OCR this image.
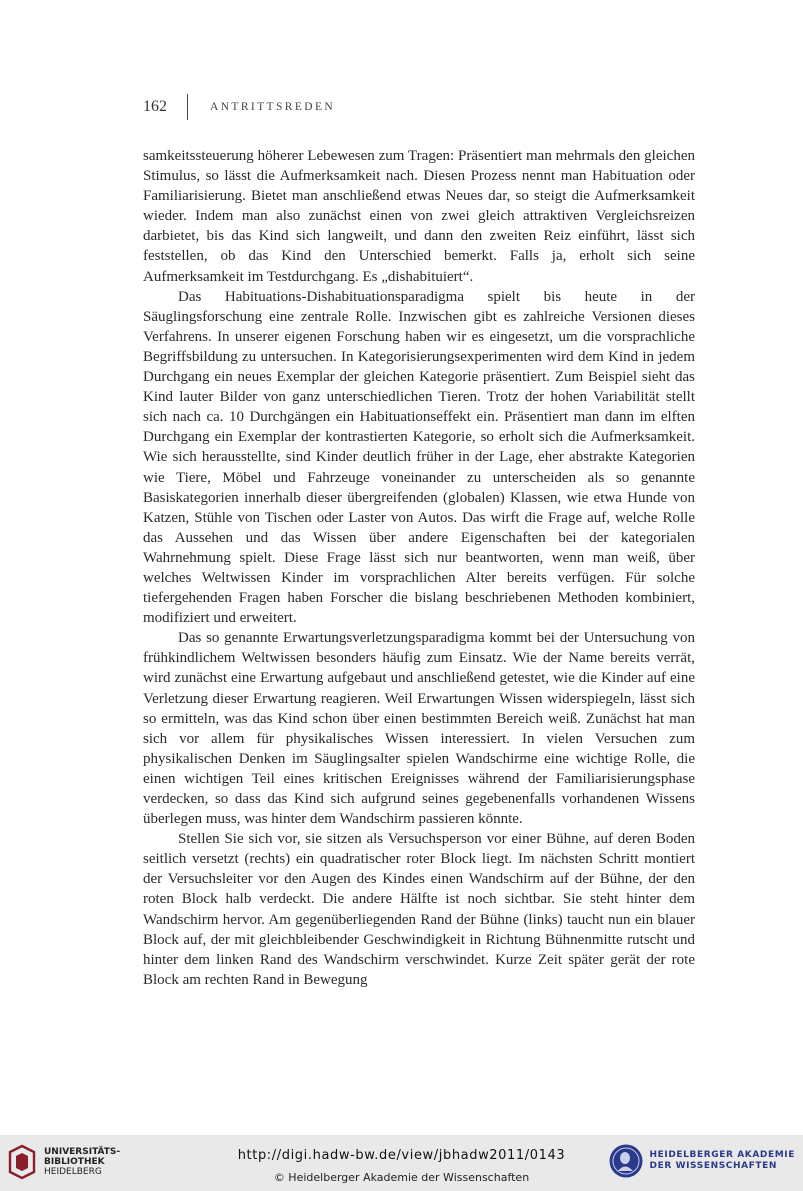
162	ANTRITTSREDEN

samkeitssteuerung höherer Lebewesen zum Tragen: Präsentiert man mehrmals den gleichen Stimulus, so lässt die Aufmerksamkeit nach. Diesen Prozess nennt man Habituation oder Familiarisierung. Bietet man anschließend etwas Neues dar, so steigt die Aufmerksamkeit wieder. Indem man also zunächst einen von zwei gleich attraktiven Vergleichsreizen darbietet, bis das Kind sich langweilt, und dann den zweiten Reiz einführt, lässt sich feststellen, ob das Kind den Unterschied bemerkt. Falls ja, erholt sich seine Aufmerksamkeit im Testdurchgang. Es „dishabituiert“.

Das Habituations-Dishabituationsparadigma spielt bis heute in der Säuglingsforschung eine zentrale Rolle. Inzwischen gibt es zahlreiche Versionen dieses Verfahrens. In unserer eigenen Forschung haben wir es eingesetzt, um die vorsprachliche Begriffsbildung zu untersuchen. In Kategorisierungsexperimenten wird dem Kind in jedem Durchgang ein neues Exemplar der gleichen Kategorie präsentiert. Zum Beispiel sieht das Kind lauter Bilder von ganz unterschiedlichen Tieren. Trotz der hohen Variabilität stellt sich nach ca. 10 Durchgängen ein Habituationseffekt ein. Präsentiert man dann im elften Durchgang ein Exemplar der kontrastierten Kategorie, so erholt sich die Aufmerksamkeit. Wie sich herausstellte, sind Kinder deutlich früher in der Lage, eher abstrakte Kategorien wie Tiere, Möbel und Fahrzeuge voneinander zu unterscheiden als so genannte Basiskategorien innerhalb dieser übergreifenden (globalen) Klassen, wie etwa Hunde von Katzen, Stühle von Tischen oder Laster von Autos. Das wirft die Frage auf, welche Rolle das Aussehen und das Wissen über andere Eigenschaften bei der kategorialen Wahrnehmung spielt. Diese Frage lässt sich nur beantworten, wenn man weiß, über welches Weltwissen Kinder im vorsprachlichen Alter bereits verfügen. Für solche tiefergehenden Fragen haben Forscher die bislang beschriebenen Methoden kombiniert, modifiziert und erweitert.

Das so genannte Erwartungsverletzungsparadigma kommt bei der Untersuchung von frühkindlichem Weltwissen besonders häufig zum Einsatz. Wie der Name bereits verrät, wird zunächst eine Erwartung aufgebaut und anschließend getestet, wie die Kinder auf eine Verletzung dieser Erwartung reagieren. Weil Erwartungen Wissen widerspiegeln, lässt sich so ermitteln, was das Kind schon über einen bestimmten Bereich weiß. Zunächst hat man sich vor allem für physikalisches Wissen interessiert. In vielen Versuchen zum physikalischen Denken im Säuglingsalter spielen Wandschirme eine wichtige Rolle, die einen wichtigen Teil eines kritischen Ereignisses während der Familiarisierungsphase verdecken, so dass das Kind sich aufgrund seines gegebenenfalls vorhandenen Wissens überlegen muss, was hinter dem Wandschirm passieren könnte.

Stellen Sie sich vor, sie sitzen als Versuchsperson vor einer Bühne, auf deren Boden seitlich versetzt (rechts) ein quadratischer roter Block liegt. Im nächsten Schritt montiert der Versuchsleiter vor den Augen des Kindes einen Wandschirm auf der Bühne, der den roten Block halb verdeckt. Die andere Hälfte ist noch sichtbar. Sie steht hinter dem Wandschirm hervor. Am gegenüberliegenden Rand der Bühne (links) taucht nun ein blauer Block auf, der mit gleichbleibender Geschwindigkeit in Richtung Bühnenmitte rutscht und hinter dem linken Rand des Wandschirm verschwindet. Kurze Zeit später gerät der rote Block am rechten Rand in Bewegung

UNIVERSITÄTS-
BIBLIOTHEK
HEIDELBERG
http://digi.hadw-bw.de/view/jbhadw2011/0143
© Heidelberger Akademie der Wissenschaften
HEIDELBERGER AKADEMIE
DER WISSENSCHAFTEN
